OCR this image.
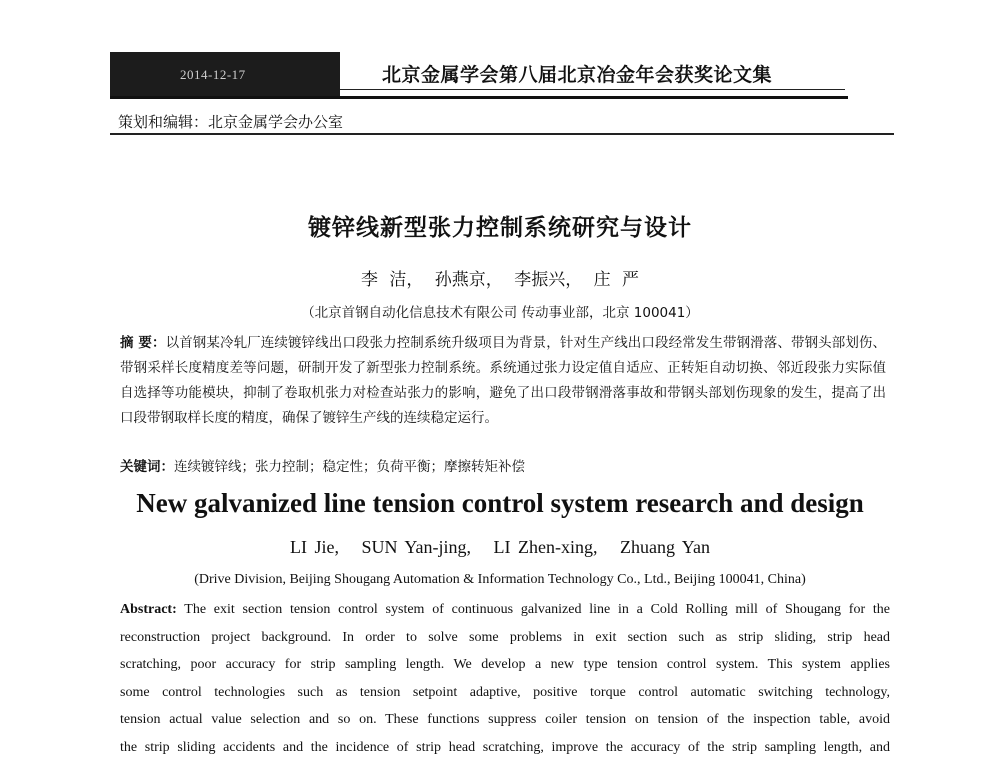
2014-12-17	北京金属学会第八届北京冶金年会获奖论文集
策划和编辑：北京金属学会办公室
镀锌线新型张力控制系统研究与设计
李 洁， 孙燕京， 李振兴， 庄 严
（北京首钢自动化信息技术有限公司 传动事业部，北京 100041）
摘 要：以首钢某冷轧厂连续镀锌线出口段张力控制系统升级项目为背景，针对生产线出口段经常发生带钢滑落、带钢头部划伤、带钢采样长度精度差等问题，研制开发了新型张力控制系统。系统通过张力设定值自适应、正转矩自动切换、邻近段张力实际值自选择等功能模块，抑制了卷取机张力对检查站张力的影响，避免了出口段带钢滑落事故和带钢头部划伤现象的发生，提高了出口段带钢取样长度的精度，确保了镀锌生产线的连续稳定运行。
关键词：连续镀锌线；张力控制；稳定性；负荷平衡；摩擦转矩补偿
New galvanized line tension control system research and design
LI Jie,   SUN Yan-jing,   LI Zhen-xing,   Zhuang Yan
(Drive Division, Beijing Shougang Automation & Information Technology Co., Ltd., Beijing 100041, China)
Abstract: The exit section tension control system of continuous galvanized line in a Cold Rolling mill of Shougang for the
reconstruction project background. In order to solve some problems in exit section such as strip sliding, strip head
scratching, poor accuracy for strip sampling length. We develop a new type tension control system. This system applies
some control technologies such as tension setpoint adaptive, positive torque control automatic switching technology,
tension actual value selection and so on. These functions suppress coiler tension on tension of the inspection table, avoid
the strip sliding accidents and the incidence of strip head scratching, improve the accuracy of the strip sampling length, and
